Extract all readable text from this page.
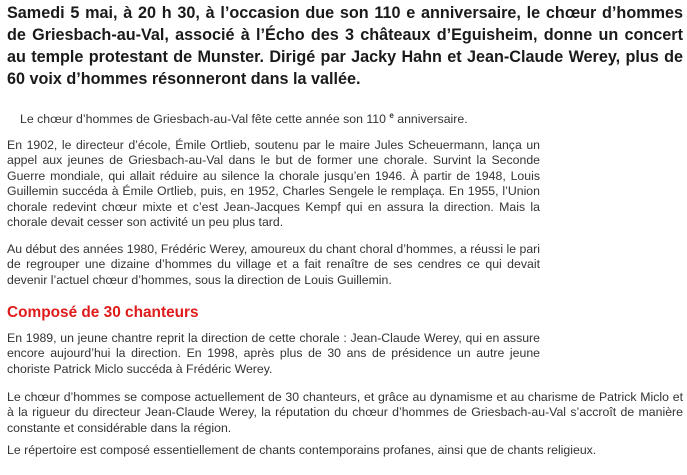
Samedi 5 mai, à 20 h 30, à l’occasion due son 110 e anniversaire, le chœur d’hommes de Griesbach-au-Val, associé à l’Écho des 3 châteaux d’Eguisheim, donne un concert au temple protestant de Munster. Dirigé par Jacky Hahn et Jean-Claude Werey, plus de 60 voix d’hommes résonneront dans la vallée.

Le chœur d’hommes de Griesbach-au-Val fête cette année son 110 $^e$ anniversaire.

En 1902, le directeur d’école, Émile Ortlieb, soutenu par le maire Jules Scheuermann, lança un appel aux jeunes de Griesbach-au-Val dans le but de former une chorale. Survint la Seconde Guerre mondiale, qui allait réduire au silence la chorale jusqu’en 1946. À partir de 1948, Louis Guillemin succéda à Émile Ortlieb, puis, en 1952, Charles Sengele le remplaça. En 1955, l’Union chorale redevint chœur mixte et c’est Jean-Jacques Kempf qui en assura la direction. Mais la chorale devait cesser son activité un peu plus tard.

Au début des années 1980, Frédéric Werey, amoureux du chant choral d’hommes, a réussi le pari de regrouper une dizaine d’hommes du village et a fait renaître de ses cendres ce qui devait devenir l’actuel chœur d’hommes, sous la direction de Louis Guillemin.

Composé de 30 chanteurs

En 1989, un jeune chantre reprit la direction de cette chorale : Jean-Claude Werey, qui en assure encore aujourd’hui la direction. En 1998, après plus de 30 ans de présidence un autre jeune choriste Patrick Miclo succéda à Frédéric Werey.

Le chœur d’hommes se compose actuellement de 30 chanteurs, et grâce au dynamisme et au charisme de Patrick Miclo et à la rigueur du directeur Jean-Claude Werey, la réputation du chœur d’hommes de Griesbach-au-Val s’accroît de manière constante et considérable dans la région.

Le répertoire est composé essentiellement de chants contemporains profanes, ainsi que de chants religieux.
